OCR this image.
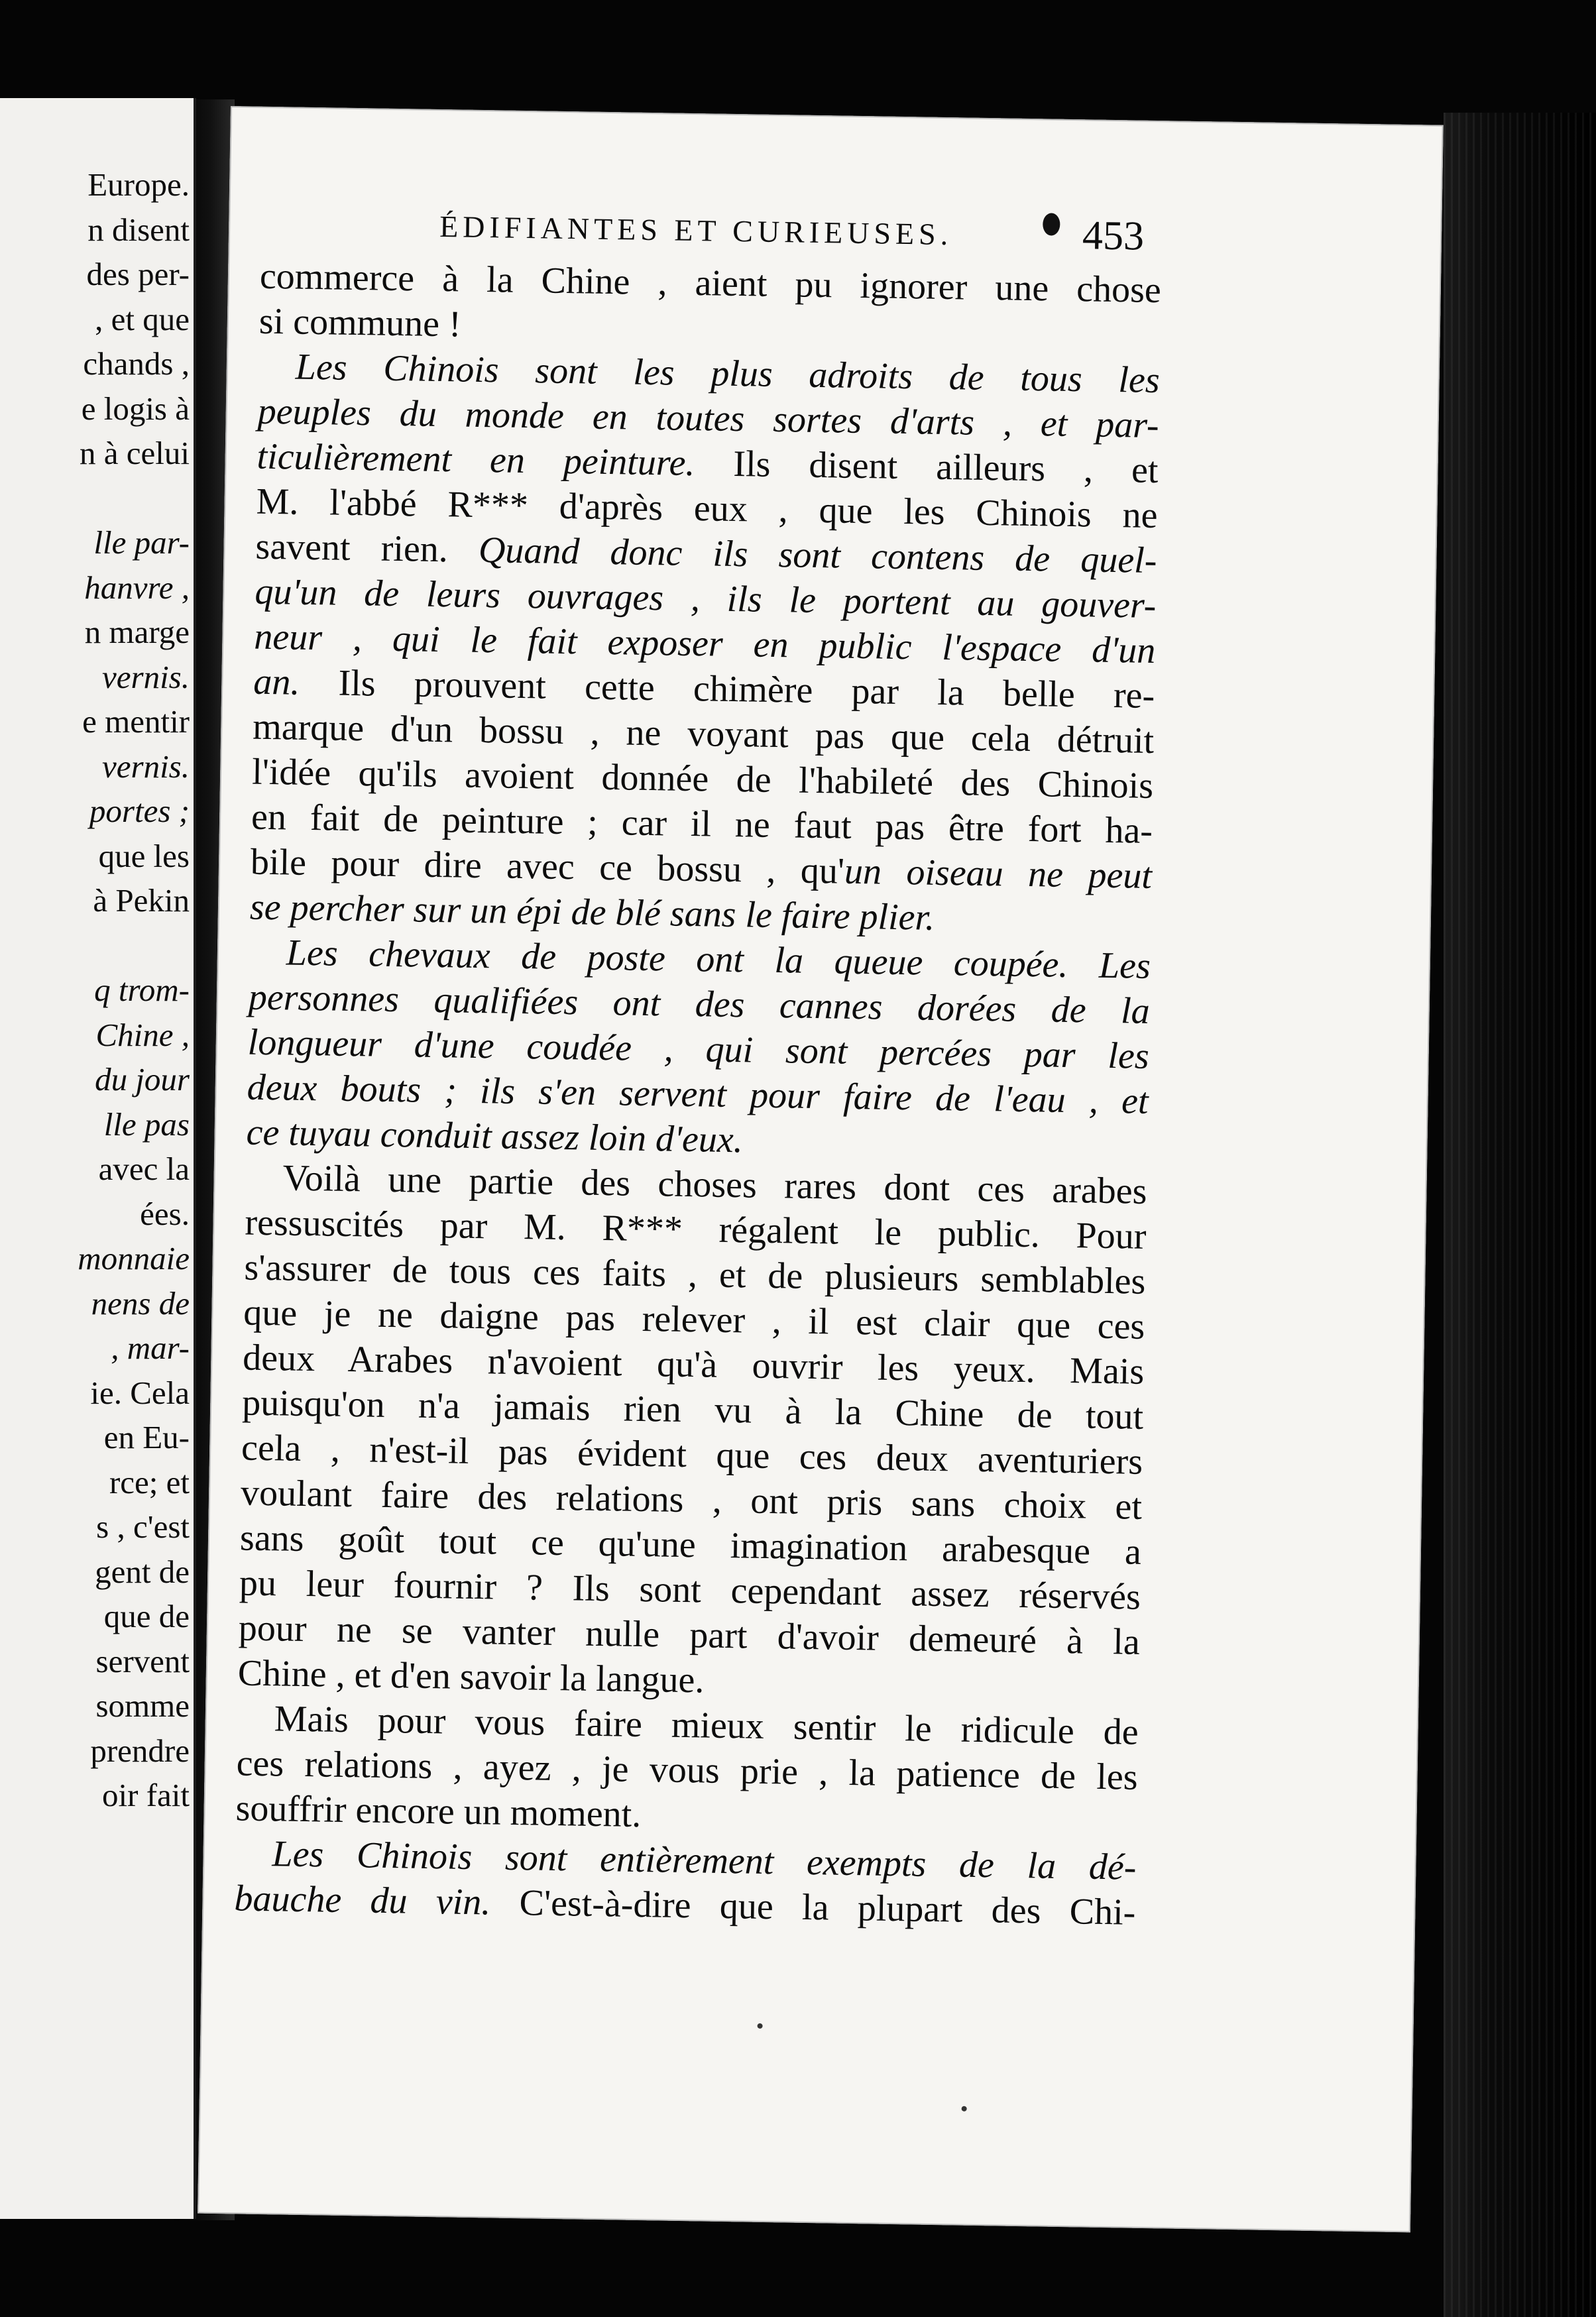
Europe.
n disent
des per-
, et que
chands ,
e logis à
n à celui
lle par-
hanvre ,
n marge
vernis.
e mentir
vernis.
portes ;
que les
à Pekin
q trom-
Chine ,
du jour
lle pas
avec la
ées.
monnaie
nens de
, mar-
ie. Cela
en Eu-
rce; et
s , c'est
gent de
que de
servent
somme
prendre
oir fait
ÉDIFIANTES ET CURIEUSES.	453
commerce à la Chine , aient pu ignorer une chose
si commune !
Les Chinois sont les plus adroits de tous les
peuples du monde en toutes sortes d'arts , et par-
ticulièrement en peinture. Ils disent ailleurs , et
M. l'abbé R*** d'après eux , que les Chinois ne
savent rien. Quand donc ils sont contens de quel-
qu'un de leurs ouvrages , ils le portent au gouver-
neur , qui le fait exposer en public l'espace d'un
an. Ils prouvent cette chimère par la belle re-
marque d'un bossu , ne voyant pas que cela détruit
l'idée qu'ils avoient donnée de l'habileté des Chinois
en fait de peinture ; car il ne faut pas être fort ha-
bile pour dire avec ce bossu , qu'un oiseau ne peut
se percher sur un épi de blé sans le faire plier.
Les chevaux de poste ont la queue coupée. Les
personnes qualifiées ont des cannes dorées de la
longueur d'une coudée , qui sont percées par les
deux bouts ; ils s'en servent pour faire de l'eau , et
ce tuyau conduit assez loin d'eux.
Voilà une partie des choses rares dont ces arabes
ressuscités par M. R*** régalent le public. Pour
s'assurer de tous ces faits , et de plusieurs semblables
que je ne daigne pas relever , il est clair que ces
deux Arabes n'avoient qu'à ouvrir les yeux. Mais
puisqu'on n'a jamais rien vu à la Chine de tout
cela , n'est-il pas évident que ces deux aventuriers
voulant faire des relations , ont pris sans choix et
sans goût tout ce qu'une imagination arabesque a
pu leur fournir ? Ils sont cependant assez réservés
pour ne se vanter nulle part d'avoir demeuré à la
Chine , et d'en savoir la langue.
Mais pour vous faire mieux sentir le ridicule de
ces relations , ayez , je vous prie , la patience de les
souffrir encore un moment.
Les Chinois sont entièrement exempts de la dé-
bauche du vin. C'est-à-dire que la plupart des Chi-
